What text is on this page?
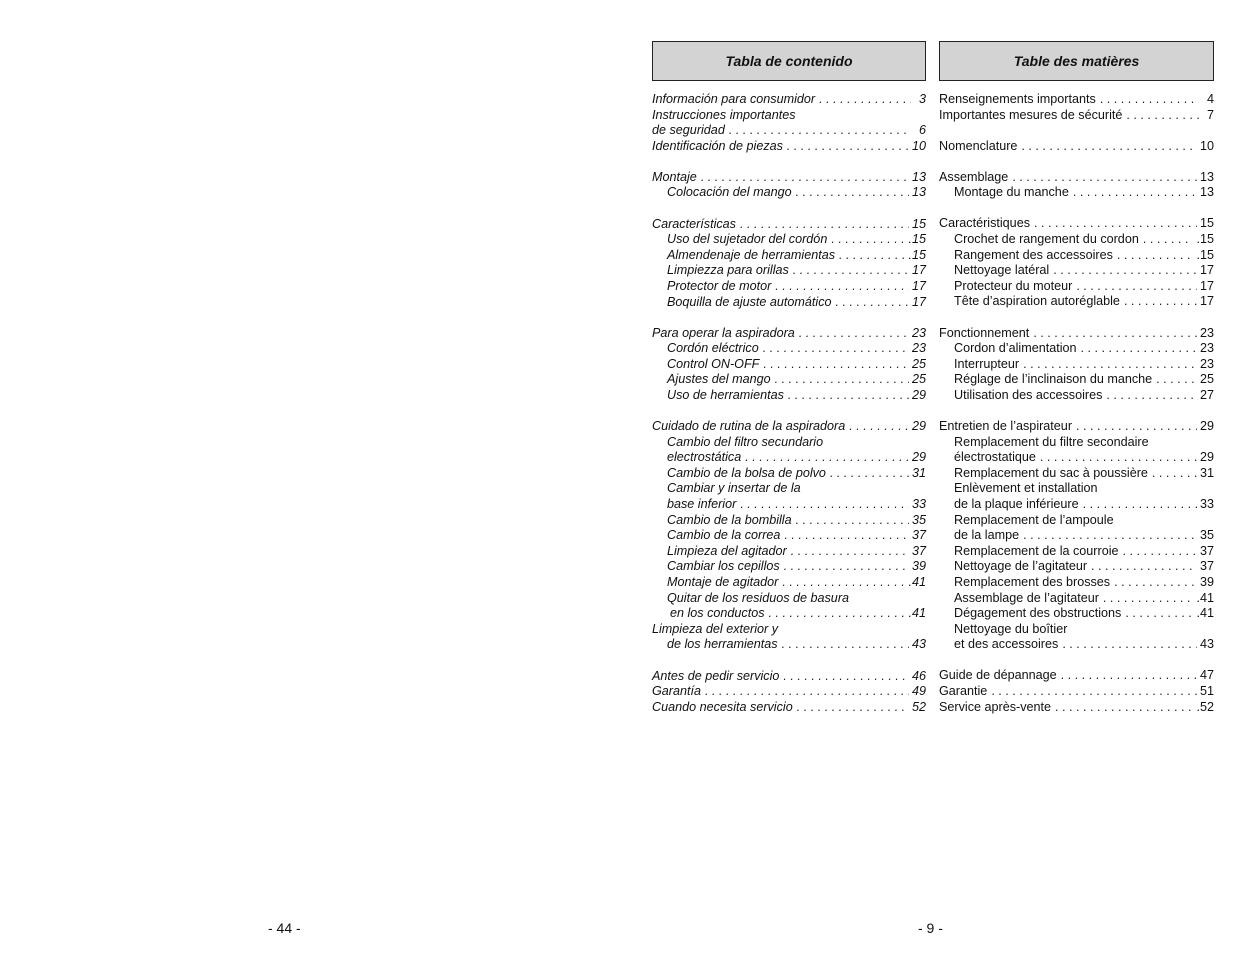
Tabla de contenido
Información para consumidor . . .	3
Instrucciones importantes
de seguridad . . .	6
Identificación de piezas . . .	10
Montaje . . .	13
Colocación del mango . . .	13
Características . . .	15
Uso del sujetador del cordón . . .	.15
Almendenaje de herramientas . . .	.15
Limpiezza para orillas . . .	17
Protector de motor . . .	17
Boquilla de ajuste automático . . .	17
Para operar la aspiradora . . .	23
Cordón eléctrico . . .	23
Control ON-OFF . . .	25
Ajustes del mango . . .	25
Uso de herramientas . . .	29
Cuidado de rutina de la aspiradora . . .	29
Cambio del filtro secundario
electrostática . . .	29
Cambio de la bolsa de polvo . . .	31
Cambiar y insertar de la
base inferior . . .	33
Cambio de la bombilla . . .	35
Cambio de la correa . . .	37
Limpieza del agitador . . .	37
Cambiar los cepillos . . .	39
Montaje de agitador . . .	.41
Quitar de los residuos de basura
en los conductos . . .	.41
Limpieza del exterior y
de los herramientas . . .	43
Antes de pedir servicio . . .	46
Garantía . . .	49
Cuando necesita servicio . . .	52
Table des matières
Renseignements importants . . .	4
Importantes mesures de sécurité . . .	7
Nomenclature . . .	10
Assemblage . . .	13
Montage du manche . . .	13
Caractéristiques . . .	15
Crochet de rangement du cordon . . .	.15
Rangement des accessoires . . .	.15
Nettoyage latéral . . .	17
Protecteur du moteur . . .	17
Tête d’aspiration autoréglable . . .	17
Fonctionnement . . .	23
Cordon d’alimentation . . .	23
Interrupteur . . .	23
Réglage de l’inclinaison du manche . . .	25
Utilisation des accessoires . . .	27
Entretien de l’aspirateur . . .	29
Remplacement du filtre secondaire
électrostatique . . .	29
Remplacement du sac à poussière . . .	31
Enlèvement et installation
de la plaque inférieure . . .	33
Remplacement de l’ampoule
de la lampe . . .	35
Remplacement de la courroie . . .	37
Nettoyage de l’agitateur . . .	37
Remplacement des brosses . . .	39
Assemblage de l’agitateur . . .	.41
Dégagement des obstructions . . .	.41
Nettoyage du boîtier
et des accessoires . . .	43
Guide de dépannage . . .	47
Garantie . . .	51
Service après-vente . . .	.52
- 44 -	- 9 -
